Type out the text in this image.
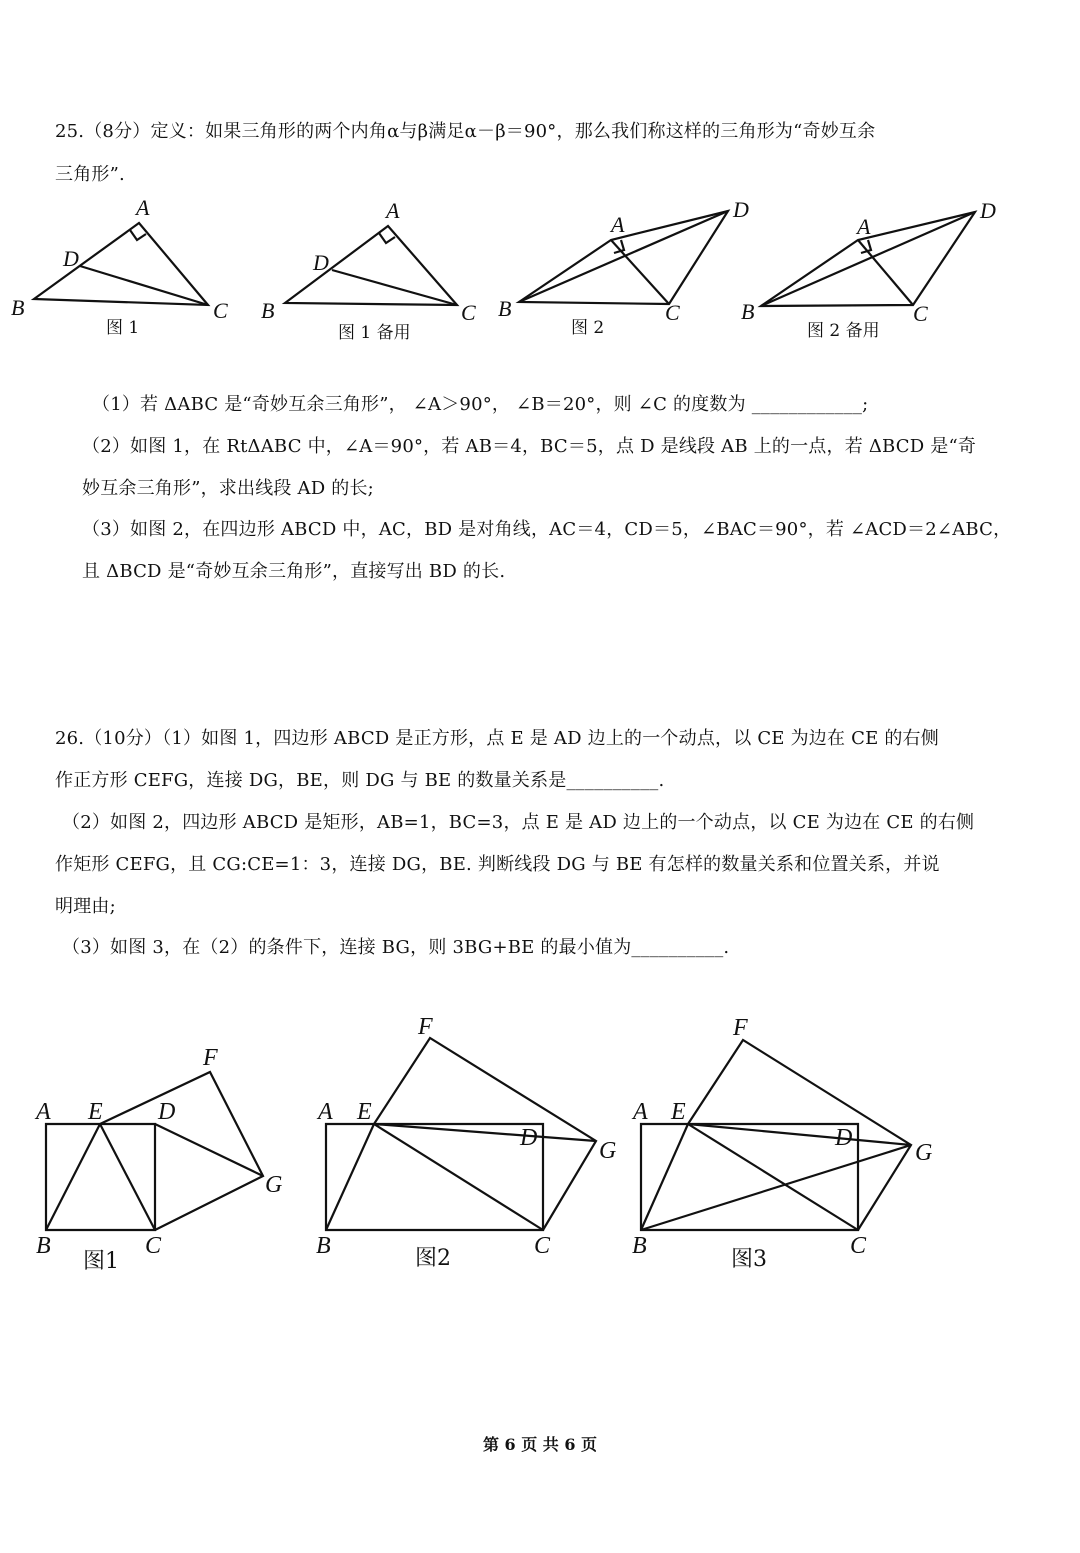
25.（8分）定义：如果三角形的两个内角α与β满足α－β＝90°，那么我们称这样的三角形为“奇妙互余
三角形”.
A
D
B	C
图 1
A
D
B	C
图 1 备用
A
D
B	C
图 2
A
D
B	C
图 2 备用
（1）若 ΔABC 是“奇妙互余三角形”， ∠A＞90°， ∠B＝20°，则 ∠C 的度数为 ____________;
（2）如图 1，在 RtΔABC 中，∠A＝90°，若 AB＝4，BC＝5，点 D 是线段 AB 上的一点，若 ΔBCD 是“奇
妙互余三角形”，求出线段 AD 的长;
（3）如图 2，在四边形 ABCD 中，AC，BD 是对角线，AC＝4，CD＝5，∠BAC＝90°，若 ∠ACD＝2∠ABC，
且 ΔBCD 是“奇妙互余三角形”，直接写出 BD 的长.
26.（10分）（1）如图 1，四边形 ABCD 是正方形，点 E 是 AD 边上的一个动点，以 CE 为边在 CE 的右侧
作正方形 CEFG，连接 DG，BE，则 DG 与 BE 的数量关系是__________.
（2）如图 2，四边形 ABCD 是矩形，AB=1，BC=3，点 E 是 AD 边上的一个动点，以 CE 为边在 CE 的右侧
作矩形 CEFG，且 CG:CE=1：3，连接 DG，BE. 判断线段 DG 与 BE 有怎样的数量关系和位置关系，并说
明理由;
（3）如图 3，在（2）的条件下，连接 BG，则 3BG+BE 的最小值为__________.
A E D
F
G
B	C
图1
A E
D
F
G
B	C
图2
A E
D
F
G
B	C
图3
第 6 页 共 6 页
